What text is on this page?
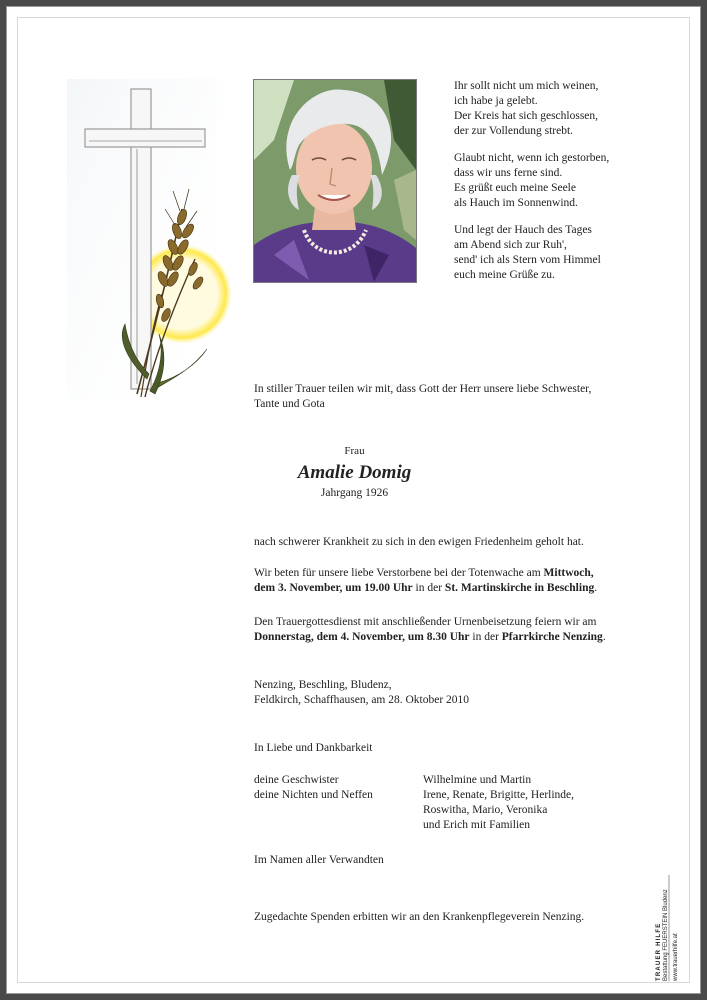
Ihr sollt nicht um mich weinen,
ich habe ja gelebt.
Der Kreis hat sich geschlossen,
der zur Vollendung strebt.

Glaubt nicht, wenn ich gestorben,
dass wir uns ferne sind.
Es grüßt euch meine Seele
als Hauch im Sonnenwind.

Und legt der Hauch des Tages
am Abend sich zur Ruh',
send' ich als Stern vom Himmel
euch meine Grüße zu.

In stiller Trauer teilen wir mit, dass Gott der Herr unsere liebe Schwester,
Tante und Gota
Frau
Amalie Domig
Jahrgang 1926
nach schwerer Krankheit zu sich in den ewigen Friedenheim geholt hat.
Wir beten für unsere liebe Verstorbene bei der Totenwache am Mittwoch,
dem 3. November, um 19.00 Uhr in der St. Martinskirche in Beschling.
Den Trauergottesdienst mit anschließender Urnenbeisetzung feiern wir am
Donnerstag, dem 4. November, um 8.30 Uhr in der Pfarrkirche Nenzing.
Nenzing, Beschling, Bludenz,
Feldkirch, Schaffhausen, am 28. Oktober 2010
In Liebe und Dankbarkeit
deine Geschwister
deine Nichten und Neffen
Wilhelmine und Martin
Irene, Renate, Brigitte, Herlinde,
Roswitha, Mario, Veronika
und Erich mit Familien
Im Namen aller Verwandten
Zugedachte Spenden erbitten wir an den Krankenpflegeverein Nenzing.
TRAUER HILFE Bestattung FEUERSTEIN Bludenz www.trauerhilfe.at
